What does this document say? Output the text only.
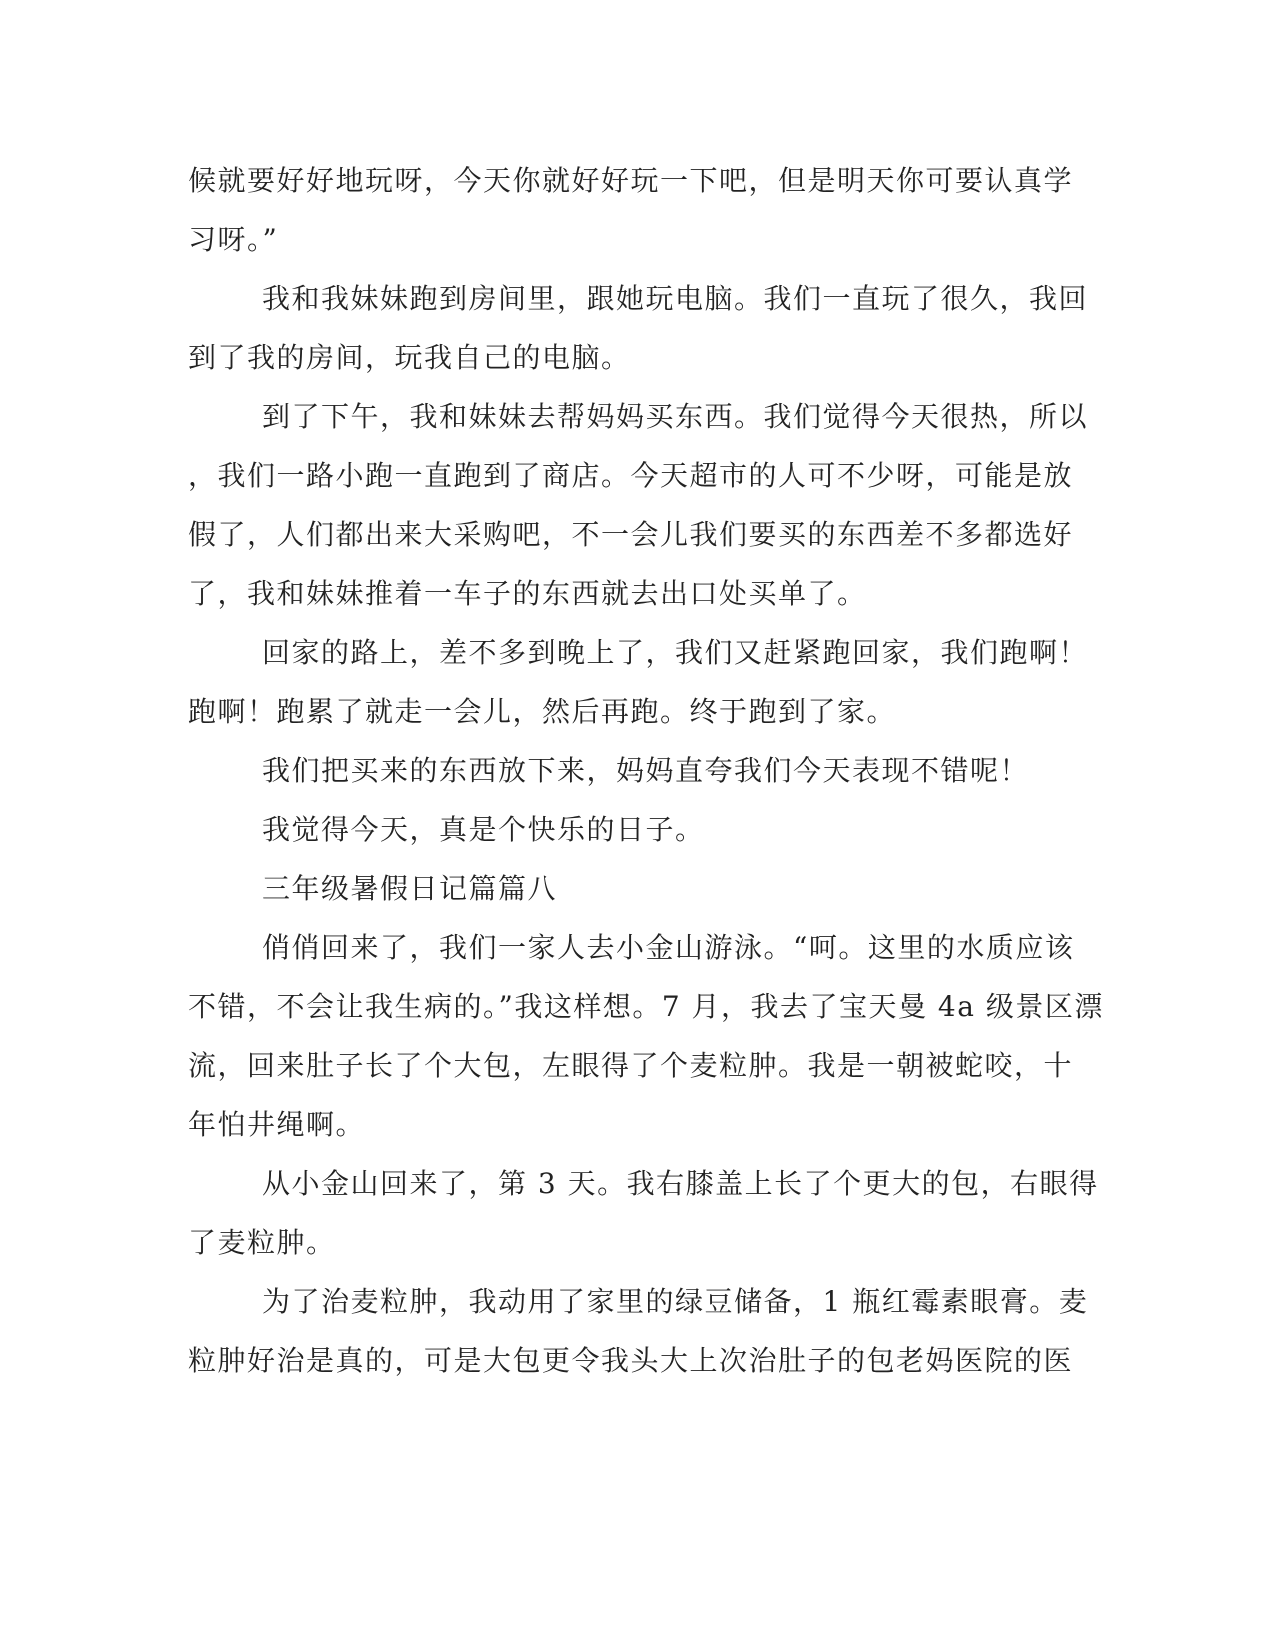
候就要好好地玩呀，今天你就好好玩一下吧，但是明天你可要认真学
习呀。”
我和我妹妹跑到房间里，跟她玩电脑。我们一直玩了很久，我回
到了我的房间，玩我自己的电脑。
到了下午，我和妹妹去帮妈妈买东西。我们觉得今天很热，所以
，我们一路小跑一直跑到了商店。今天超市的人可不少呀，可能是放
假了，人们都出来大采购吧，不一会儿我们要买的东西差不多都选好
了，我和妹妹推着一车子的东西就去出口处买单了。
回家的路上，差不多到晚上了，我们又赶紧跑回家，我们跑啊！
跑啊！跑累了就走一会儿，然后再跑。终于跑到了家。
我们把买来的东西放下来，妈妈直夸我们今天表现不错呢！
我觉得今天，真是个快乐的日子。
三年级暑假日记篇篇八
俏俏回来了，我们一家人去小金山游泳。“呵。这里的水质应该
不错，不会让我生病的。”我这样想。7 月，我去了宝天曼 4a 级景区漂
流，回来肚子长了个大包，左眼得了个麦粒肿。我是一朝被蛇咬，十
年怕井绳啊。
从小金山回来了，第 3 天。我右膝盖上长了个更大的包，右眼得
了麦粒肿。
为了治麦粒肿，我动用了家里的绿豆储备，1 瓶红霉素眼膏。麦
粒肿好治是真的，可是大包更令我头大上次治肚子的包老妈医院的医
